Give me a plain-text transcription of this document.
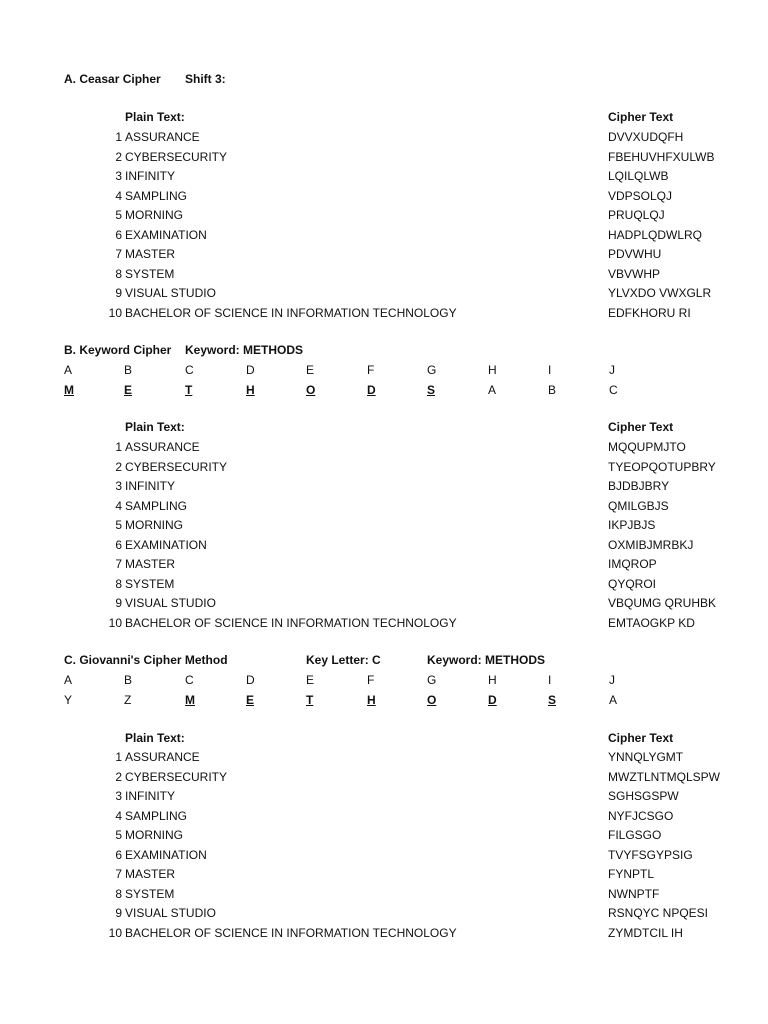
A. Ceasar Cipher Shift 3:
Plain Text:	Cipher Text
1 ASSURANCE	DVVXUDQFH
2 CYBERSECURITY	FBEHUVHFXULWB
3 INFINITY	LQILQLWB
4 SAMPLING	VDPSOLQJ
5 MORNING	PRUQLQJ
6 EXAMINATION	HADPLQDWLRQ
7 MASTER	PDVWHU
8 SYSTEM	VBVWHP
9 VISUAL STUDIO	YLVXDO VWXGLR
10 BACHELOR OF SCIENCE IN INFORMATION TECHNOLOGY	EDFKHORU RI
B. Keyword Cipher Keyword: METHODS
A	B	C	D	E	F	G	H	I	J
M	E	T	H	O	D	S	A	B	C
Plain Text:	Cipher Text
1 ASSURANCE	MQQUPMJTO
2 CYBERSECURITY	TYEOPQOTUPBRY
3 INFINITY	BJDBJBRY
4 SAMPLING	QMILGBJS
5 MORNING	IKPJBJS
6 EXAMINATION	OXMIBJMRBKJ
7 MASTER	IMQROP
8 SYSTEM	QYQROI
9 VISUAL STUDIO	VBQUMG QRUHBK
10 BACHELOR OF SCIENCE IN INFORMATION TECHNOLOGY	EMTAOGKP KD
C. Giovanni's Cipher Method	Key Letter: C	Keyword: METHODS
A	B	C	D	E	F	G	H	I	J
Y	Z	M	E	T	H	O	D	S	A
Plain Text:	Cipher Text
1 ASSURANCE	YNNQLYGMT
2 CYBERSECURITY	MWZTLNTMQLSPW
3 INFINITY	SGHSGSPW
4 SAMPLING	NYFJCSGO
5 MORNING	FILGSGO
6 EXAMINATION	TVYFSGYPSIG
7 MASTER	FYNPTL
8 SYSTEM	NWNPTF
9 VISUAL STUDIO	RSNQYC NPQESI
10 BACHELOR OF SCIENCE IN INFORMATION TECHNOLOGY	ZYMDTCIL IH
